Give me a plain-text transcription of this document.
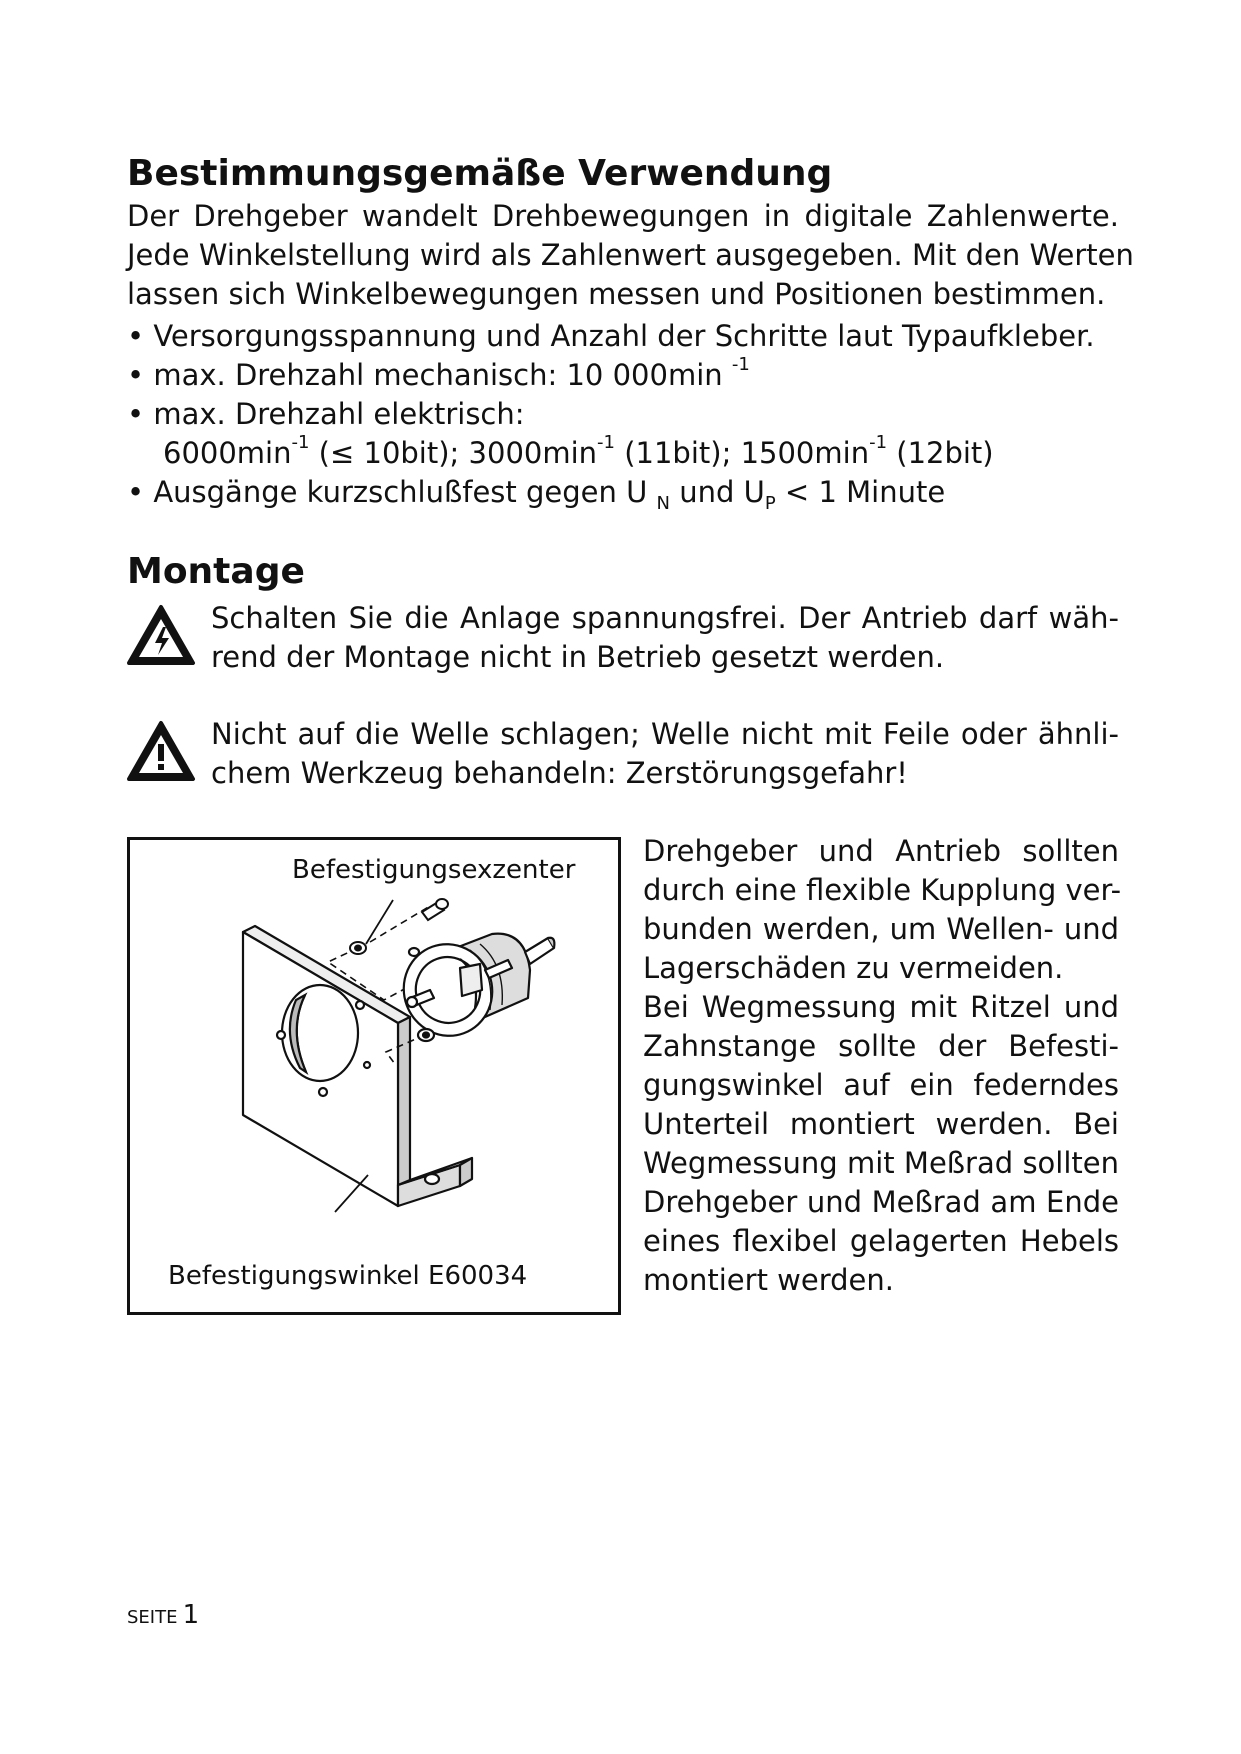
Bestimmungsgemäße Verwendung
Der Drehgeber wandelt Drehbewegungen in digitale Zahlenwerte.
Jede Winkelstellung wird als Zahlenwert ausgegeben. Mit den Werten
lassen sich Winkelbewegungen messen und Positionen bestimmen.
• Versorgungsspannung und Anzahl der Schritte laut Typaufkleber.
• max. Drehzahl mechanisch: 10 000min $^{-1}$
• max. Drehzahl elektrisch:
$6000\min^{-1}$ (≤ 10bit); $3000\min^{-1}$ (11bit); $1500\min^{-1}$ (12bit)
• Ausgänge kurzschlußfest gegen U $_N$ und $U_P < 1$ Minute
Montage
Schalten Sie die Anlage spannungsfrei. Der Antrieb darf wäh-
rend der Montage nicht in Betrieb gesetzt werden.
Nicht auf die Welle schlagen; Welle nicht mit Feile oder ähnli-
chem Werkzeug behandeln: Zerstörungsgefahr!
Befestigungsexzenter
Befestigungswinkel E60034
Drehgeber und Antrieb sollten
durch eine flexible Kupplung ver-
bunden werden, um Wellen- und
Lagerschäden zu vermeiden.
Bei Wegmessung mit Ritzel und
Zahnstange sollte der Befesti-
gungswinkel auf ein federndes
Unterteil montiert werden. Bei
Wegmessung mit Meßrad sollten
Drehgeber und Meßrad am Ende
eines flexibel gelagerten Hebels
montiert werden.
SEITE 1
